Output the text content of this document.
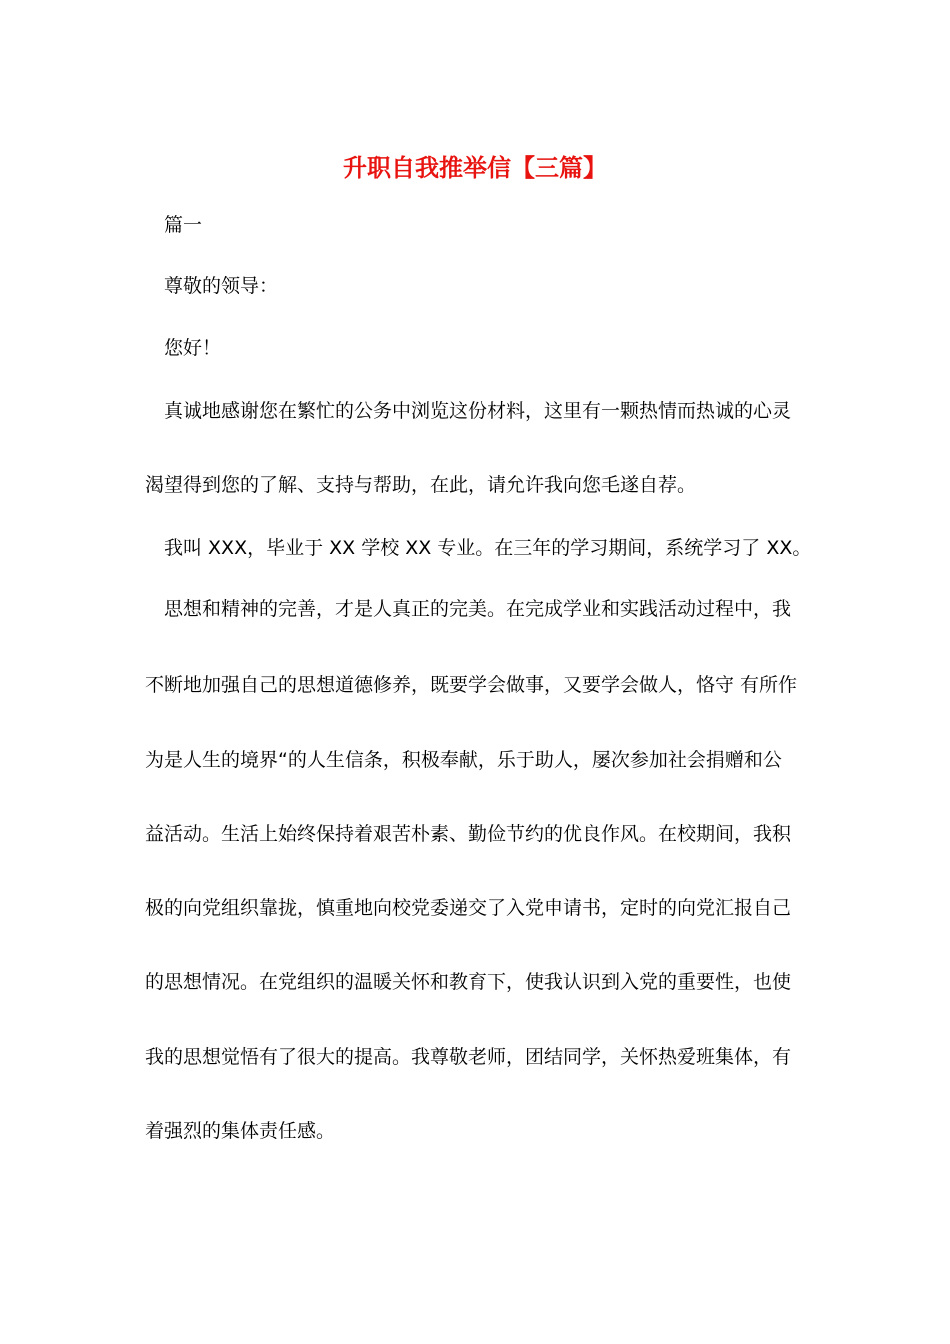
升职自我推举信【三篇】
篇一
尊敬的领导：
您好！
真诚地感谢您在繁忙的公务中浏览这份材料，这里有一颗热情而热诚的心灵
渴望得到您的了解、支持与帮助，在此，请允许我向您毛遂自荐。
我叫 XXX，毕业于 XX 学校 XX 专业。在三年的学习期间，系统学习了 XX。
思想和精神的完善，才是人真正的完美。在完成学业和实践活动过程中，我
不断地加强自己的思想道德修养，既要学会做事，又要学会做人，恪守 有所作
为是人生的境界“的人生信条，积极奉献，乐于助人，屡次参加社会捐赠和公
益活动。生活上始终保持着艰苦朴素、勤俭节约的优良作风。在校期间，我积
极的向党组织靠拢，慎重地向校党委递交了入党申请书，定时的向党汇报自己
的思想情况。在党组织的温暖关怀和教育下，使我认识到入党的重要性，也使
我的思想觉悟有了很大的提高。我尊敬老师，团结同学，关怀热爱班集体，有
着强烈的集体责任感。
